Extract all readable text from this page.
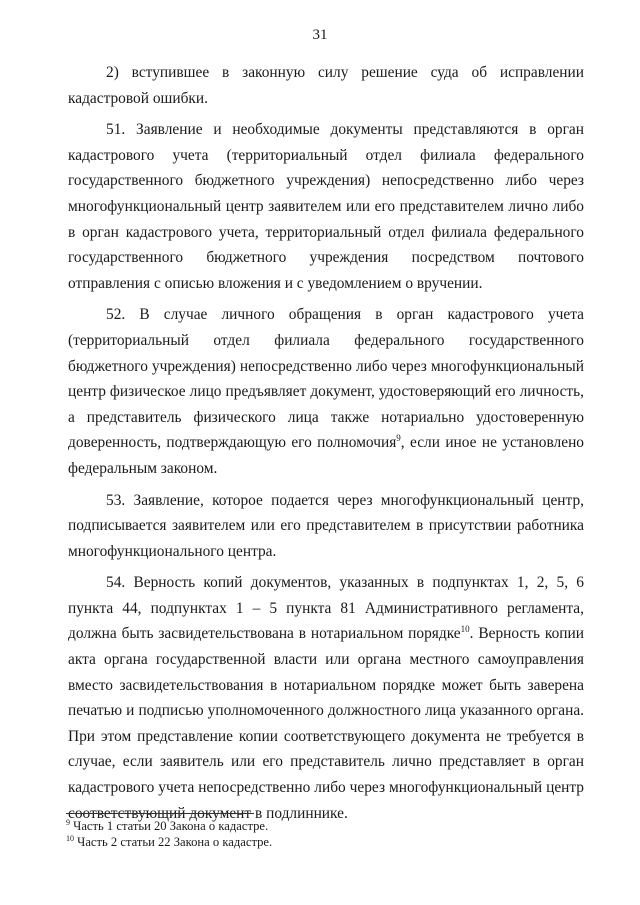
31

2) вступившее в законную силу решение суда об исправлении кадастровой ошибки.

51. Заявление и необходимые документы представляются в орган кадастрового учета (территориальный отдел филиала федерального государственного бюджетного учреждения) непосредственно либо через многофункциональный центр заявителем или его представителем лично либо в орган кадастрового учета, территориальный отдел филиала федерального государственного бюджетного учреждения посредством почтового отправления с описью вложения и с уведомлением о вручении.

52. В случае личного обращения в орган кадастрового учета (территориальный отдел филиала федерального государственного бюджетного учреждения) непосредственно либо через многофункциональный центр физическое лицо предъявляет документ, удостоверяющий его личность, а представитель физического лица также нотариально удостоверенную доверенность, подтверждающую его полномочия$^9$, если иное не установлено федеральным законом.

53. Заявление, которое подается через многофункциональный центр, подписывается заявителем или его представителем в присутствии работника многофункционального центра.

54. Верность копий документов, указанных в подпунктах 1, 2, 5, 6 пункта 44, подпунктах 1 – 5 пункта 81 Административного регламента, должна быть засвидетельствована в нотариальном порядке$^{10}$. Верность копии акта органа государственной власти или органа местного самоуправления вместо засвидетельствования в нотариальном порядке может быть заверена печатью и подписью уполномоченного должностного лица указанного органа. При этом представление копии соответствующего документа не требуется в случае, если заявитель или его представитель лично представляет в орган кадастрового учета непосредственно либо через многофункциональный центр соответствующий документ в подлиннике.

$^9$ Часть 1 статьи 20 Закона о кадастре.

$^{10}$ Часть 2 статьи 22 Закона о кадастре.
